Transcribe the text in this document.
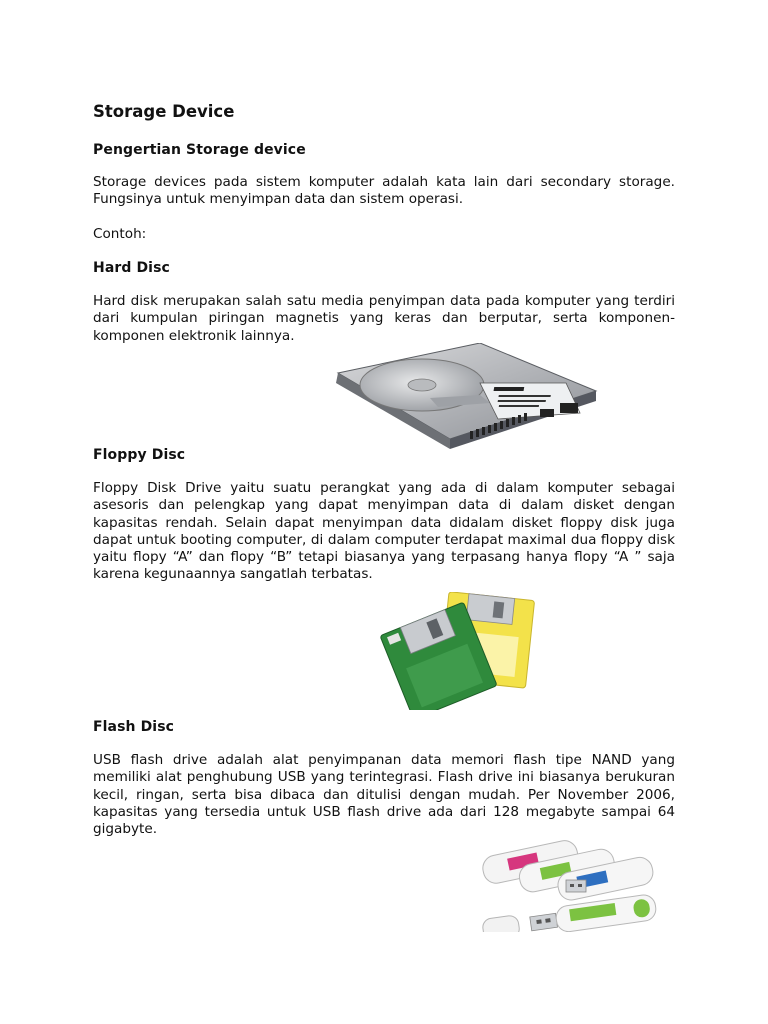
Storage Device
Pengertian Storage device

Storage devices pada sistem komputer adalah kata lain dari secondary storage. Fungsinya untuk menyimpan data dan sistem operasi.

Contoh:

Hard Disc

Hard disk merupakan salah satu media penyimpan data pada komputer yang terdiri dari kumpulan piringan magnetis yang keras dan berputar, serta komponen-komponen elektronik lainnya.

Floppy Disc

Floppy Disk Drive yaitu suatu perangkat yang ada di dalam komputer sebagai asesoris dan pelengkap yang dapat menyimpan data di dalam disket dengan kapasitas rendah. Selain dapat menyimpan data didalam disket floppy disk juga dapat untuk booting computer, di dalam computer terdapat maximal dua floppy disk yaitu flopy “A” dan flopy “B” tetapi biasanya yang terpasang hanya flopy “A ” saja karena kegunaannya sangatlah terbatas.

Flash Disc

USB flash drive adalah alat penyimpanan data memori flash tipe NAND yang memiliki alat penghubung USB yang terintegrasi. Flash drive ini biasanya berukuran kecil, ringan, serta bisa dibaca dan ditulisi dengan mudah. Per November 2006, kapasitas yang tersedia untuk USB flash drive ada dari 128 megabyte sampai 64 gigabyte.
